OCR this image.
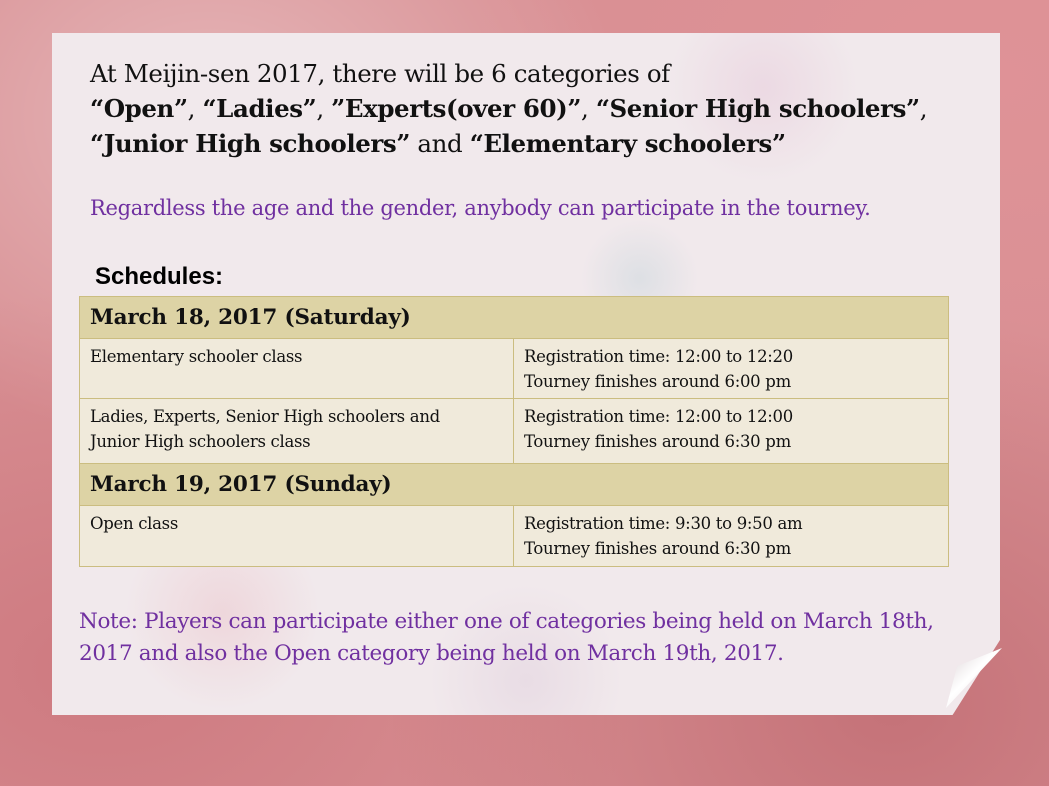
At Meijin-sen 2017, there will be 6 categories of
“Open”, “Ladies”, ”Experts(over 60)”, “Senior High schoolers”,
“Junior High schoolers” and “Elementary schoolers”
Regardless the age and the gender, anybody can participate in the tourney.
Schedules:
March 18, 2017 (Saturday)	

Elementary schooler class	Registration time: 12:00 to 12:20
Tourney finishes around 6:00 pm

Ladies, Experts, Senior High schoolers and
Junior High schoolers class	Registration time: 12:00 to 12:00
Tourney finishes around 6:30 pm

March 19, 2017 (Sunday)	

Open class	Registration time: 9:30 to 9:50 am
Tourney finishes around 6:30 pm
Note: Players can participate either one of categories being held on March 18th,
2017 and also the Open category being held on March 19th, 2017.
